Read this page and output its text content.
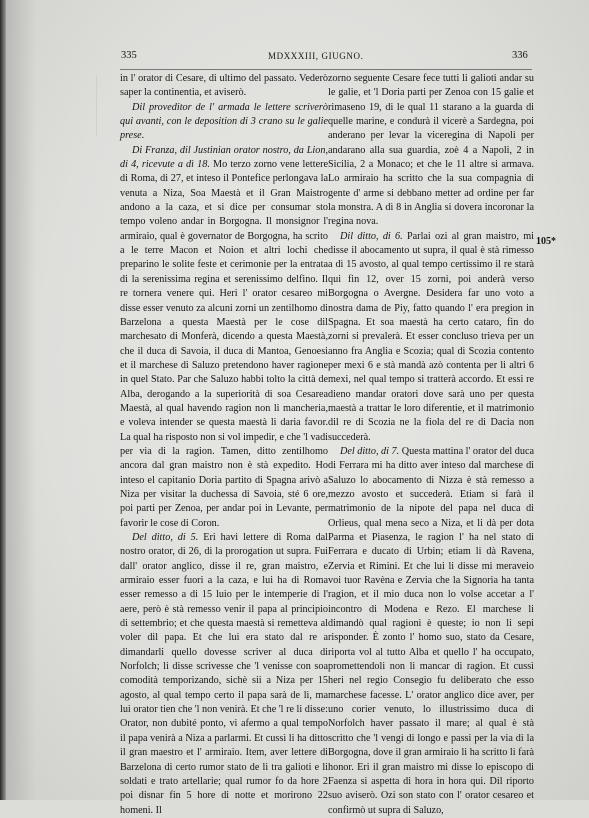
335	MDXXXIII, GIUGNO.	336

in l' orator di Cesare, di ultimo del passato. Vederò saper la continentia, et aviserò.

Dil proveditor de l' armada le lettere scriverò qui avanti, con le deposition di 3 crano su le galie prese.

Di Franza, dil Justinian orator nostro, da Lion, di 4, ricevute a dì 18. Mo terzo zorno vene lettere di Roma, di 27, et inteso il Pontefice perlongava la venuta a Niza, Soa Maestà et il Gran Maistro andono a la caza, et si dice per consumar sto tempo voleno andar in Borgogna. Il monsignor l' armiraio, qual è governator de Borgogna, ha scrito a le terre Macon et Noion et altri lochi che preparino le solite feste et cerimonie per la entrata di la serenissima regina et serenissimo delfino. Il re tornera venere qui. Heri l' orator cesareo mi disse esser venuto za alcuni zorni un zentilhomo di Barzelona a questa Maestà per le cose dil marchesato di Monferà, dicendo a questa Maestà, che il duca di Savoia, il duca di Mantoa, Genoesi et il marchese di Saluzo pretendono haver ragione in quel Stato. Par che Saluzo habbi tolto la città de Alba, derogando a la superiorità di soa Cesarea Maestà, al qual havendo ragion non li mancheria, e voleva intender se questa maestà li daria favor. La qual ha risposto non si vol impedir, e che 'l vadi per via di la ragion. Tamen, ditto zentilhomo ancora dal gran maistro non è stà expedito. Ho inteso el capitanio Doria partito di Spagna arivò a Niza per visitar la duchessa di Savoia, sté 6 ore, poi parti per Zenoa, per andar poi in Levante, per favorir le cose di Coron.

Del ditto, di 5. Eri havi lettere di Roma dal nostro orator, di 26, di la prorogation ut supra. Fui dall' orator anglico, disse il re, gran maistro, e armiraio esser fuori a la caza, e lui ha di Roma esser remesso a di 15 luio per le intemperie di l' aere, però è stà remesso venir il papa al principio di settembrio; et che questa maestà si remetteva al voler dil papa. Et che lui era stato dal re a dimandarli quello dovesse scriver al duca di Norfolch; li disse scrivesse che 'l venisse con soa comodità temporizando, sichè sii a Niza per 15 agosto, al qual tempo certo il papa sarà de lì, ma lui orator tien che 'l non venirà. Et che 'l re li disse: Orator, non dubité ponto, vi afermo a qual tempo il papa venirà a Niza a parlarmi. Et cussì li ha ditto il gran maestro et l' armiraio. Item, aver lettere di Barzelona di certo rumor stato de li tra galioti e li soldati e trato artellarie; qual rumor fo da hore 2 poi disnar fin 5 hore di notte et morirono 22 homeni. Il

zorno seguente Cesare fece tutti li galioti andar su le galie, et 'l Doria parti per Zenoa con 15 galie et rimaseno 19, di le qual 11 starano a la guarda di quelle marine, e condurà il vicerè a Sardegna, poi anderano per levar la viceregina di Napoli per andarano alla sua guardia, zoè 4 a Napoli, 2 in Sicilia, 2 a Monaco; et che le 11 altre si armava. Lo armiraio ha scritto che la sua compagnia di gente d' arme si debbano metter ad ordine per far la monstra. A dì 8 in Anglia si dovera incoronar la regina nova.

Dil ditto, di 6. Parlai ozi al gran maistro, mi disse il abocamento ut supra, il qual è stà rimesso a dì 15 avosto, al qual tempo certissimo il re starà qui fin 12, over 15 zorni, poi anderà verso Borgogna o Avergne. Desidera far uno voto a nostra dama de Piy, fatto quando l' era pregion in Spagna. Et soa maestà ha certo cataro, fin do zorni si prevalerà. Et esser concluso trieva per un anno fra Anglia e Scozia; qual di Scozia contento per mexi 6 e stà mandà azò contenta per li altri 6 mexi, nel qual tempo si tratterà accordo. Et essi re dieno mandar oratori dove sarà uno per questa maestà a trattar le loro diferentie, et il matrimonio dil re di Scozia ne la fiola del re di Dacia non succederà.

Del ditto, di 7. Questa mattina l' orator del duca di Ferrara mi ha ditto aver inteso dal marchese di Saluzo lo abocamento di Nizza è stà remesso a mezzo avosto et succederà. Etiam si farà il matrimonio de la nipote del papa nel duca di Orlieus, qual mena seco a Niza, et li dà per dota Parma et Piasenza, le ragion l' ha nel stato di Ferrara e ducato di Urbin; etiam li dà Ravena, Zervia et Rimini. Et che lui li disse mi meraveio voi tuor Ravèna e Zervia che la Signoria ha tanta ragion, et il mio duca non lo volse accetar a l' incontro di Modena e Rezo. El marchese li dimandò qual ragioni è queste; io non li sepi risponder. È zonto l' homo suo, stato da Cesare, riporta vol al tutto Alba et quello l' ha occupato, promettendoli non li mancar di ragion. Et cussì heri nel regio Consegio fu deliberato che esso marchese facesse. L' orator anglico dice aver, per uno corier venuto, lo illustrissimo duca di Norfolch haver passato il mare; al qual è stà scritto che 'l vengi di longo e passi per la via di la Borgogna, dove il gran armiraio li ha scritto li farà honor. Eri il gran maistro mi disse lo episcopo di Faenza si aspetta di hora in hora qui. Dil riporto suo aviserò. Ozi son stato con l' orator cesareo et confirmò ut supra di Saluzo,

105*
